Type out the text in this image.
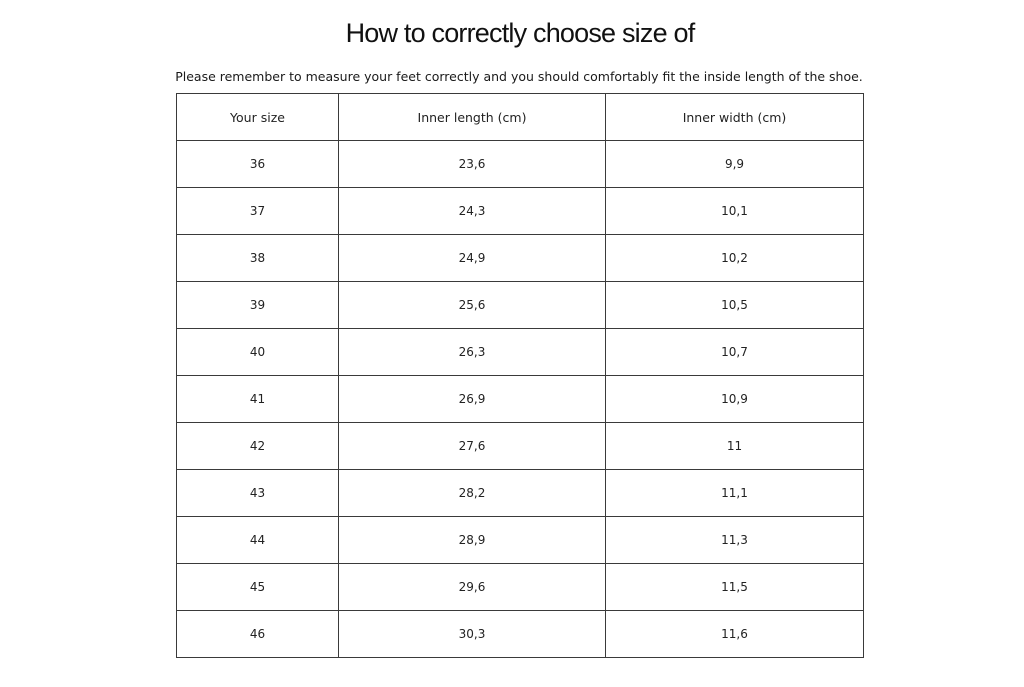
How to correctly choose size of

Please remember to measure your feet correctly and you should comfortably fit the inside length of the shoe.

Your size	Inner length (cm)	Inner width (cm)
36	23,6	9,9
37	24,3	10,1
38	24,9	10,2
39	25,6	10,5
40	26,3	10,7
41	26,9	10,9
42	27,6	11
43	28,2	11,1
44	28,9	11,3
45	29,6	11,5
46	30,3	11,6
